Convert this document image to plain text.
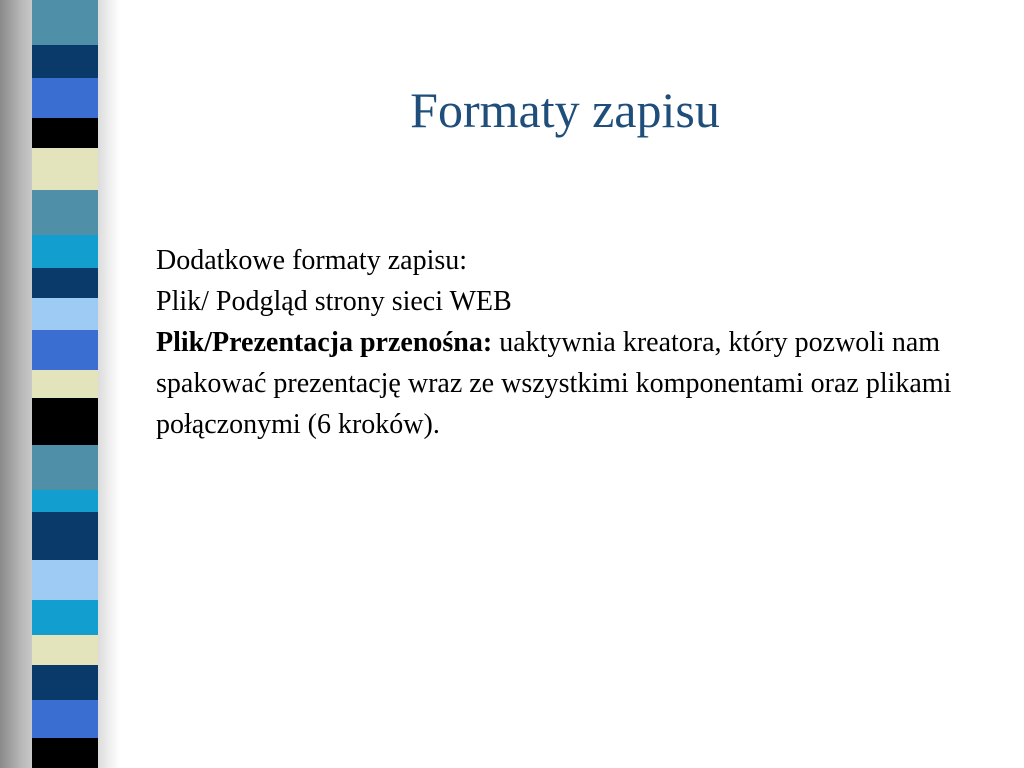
Formaty zapisu

Dodatkowe formaty zapisu:

Plik/ Podgląd strony sieci WEB

Plik/Prezentacja przenośna: uaktywnia kreatora, który pozwoli nam spakować prezentację wraz ze wszystkimi komponentami oraz plikami połączonymi (6 kroków).
